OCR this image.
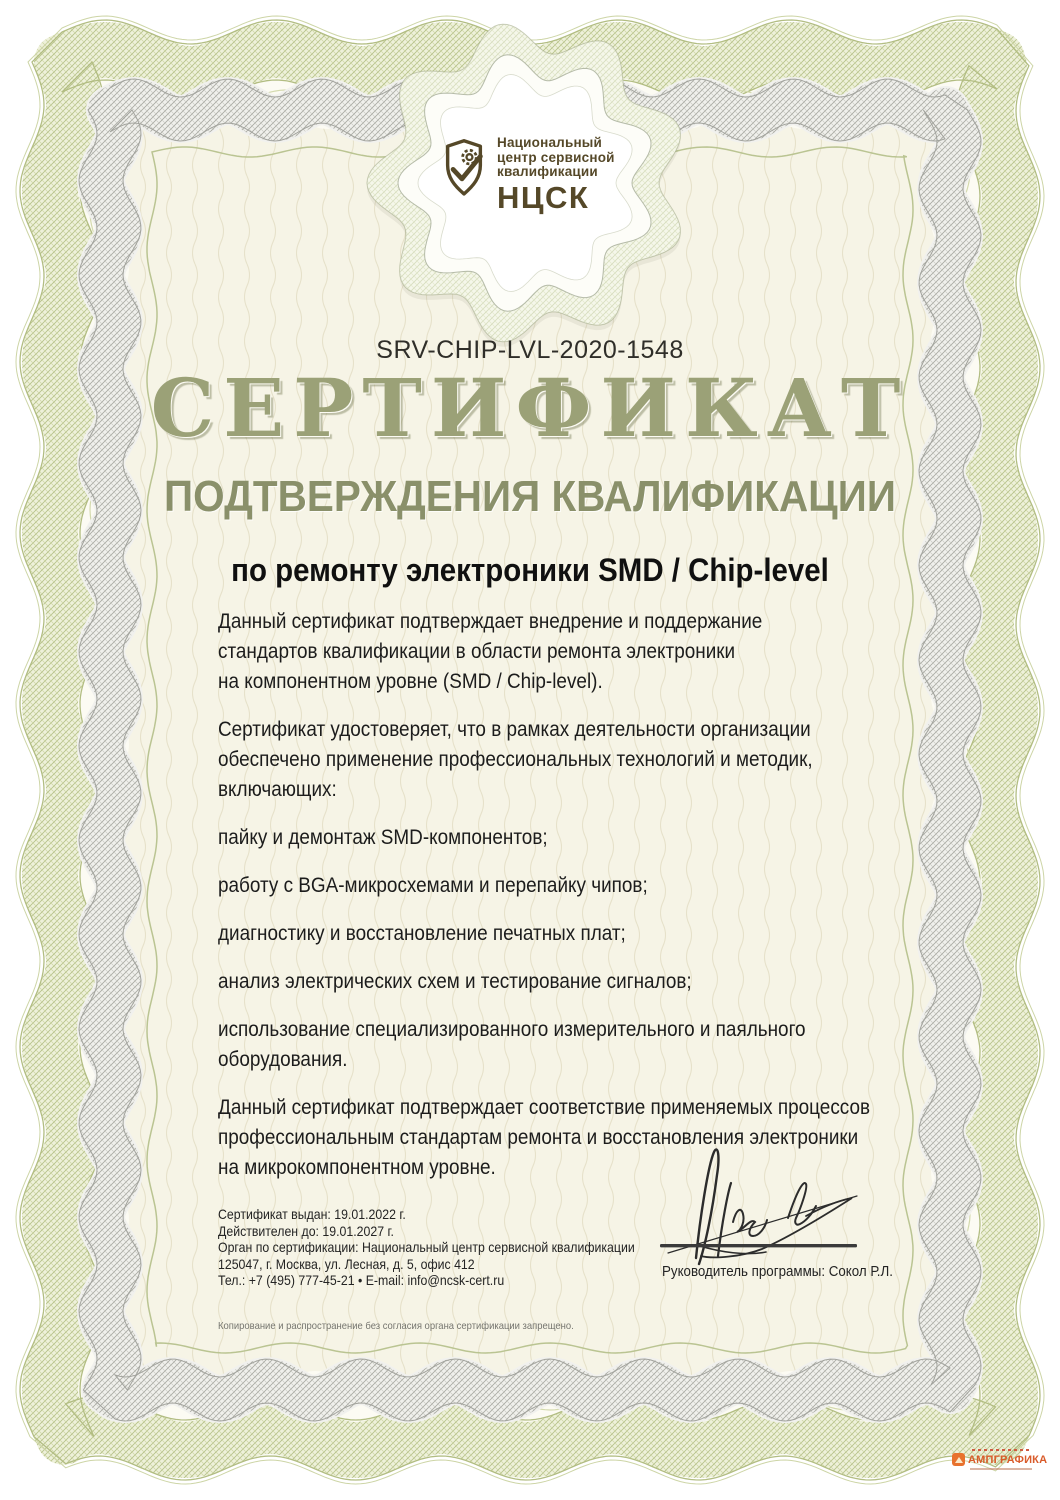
Национальный
центр сервисной
квалификации
НЦСК
SRV-CHIP-LVL-2020-1548
СЕРТИФИКАТ
ПОДТВЕРЖДЕНИЯ КВАЛИФИКАЦИИ
по ремонту электроники SMD / Chip-level
Данный сертификат подтверждает внедрение и поддержание
стандартов квалификации в области ремонта электроники
на компонентном уровне (SMD / Chip-level).
Сертификат удостоверяет, что в рамках деятельности организации
обеспечено применение профессиональных технологий и методик, включающих:
пайку и демонтаж SMD-компонентов;
работу с BGA-микросхемами и перепайку чипов;
диагностику и восстановление печатных плат;
анализ электрических схем и тестирование сигналов;
использование специализированного измерительного и паяльного оборудования.
Данный сертификат подтверждает соответствие применяемых процессов
профессиональным стандартам ремонта и восстановления электроники
на микрокомпонентном уровне.
Сертификат выдан: 19.01.2022 г.
Действителен до: 19.01.2027 г.
Орган по сертификации: Национальный центр сервисной квалификации
125047, г. Москва, ул. Лесная, д. 5, офис 412
Тел.: +7 (495) 777-45-21 • E-mail: info@ncsk-cert.ru
Копирование и распространение без согласия органа сертификации запрещено.
Руководитель программы: Сокол Р.Л.
АМПГРАФИКА
